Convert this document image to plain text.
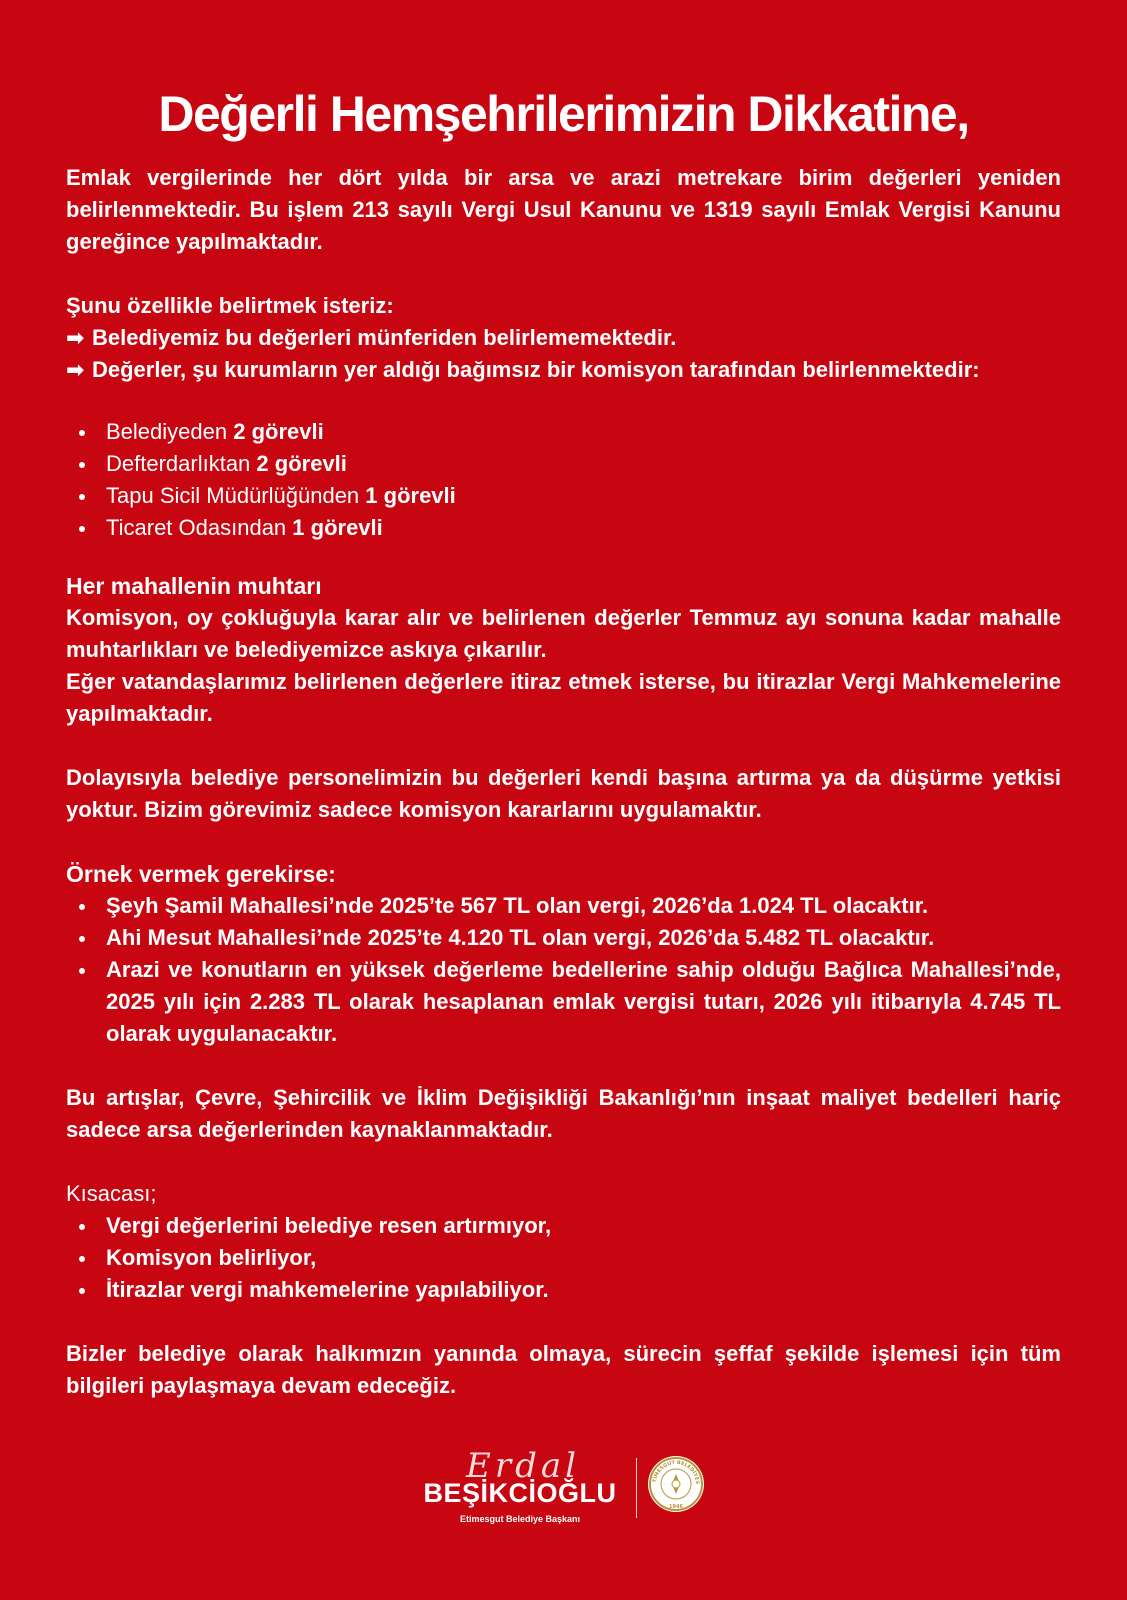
Değerli Hemşehrilerimizin Dikkatine,

Emlak vergilerinde her dört yılda bir arsa ve arazi metrekare birim değerleri yeniden belirlenmektedir. Bu işlem 213 sayılı Vergi Usul Kanunu ve 1319 sayılı Emlak Vergisi Kanunu gereğince yapılmaktadır.

Şunu özellikle belirtmek isteriz:

➡ Belediyemiz bu değerleri münferiden belirlememektedir.
➡ Değerler, şu kurumların yer aldığı bağımsız bir komisyon tarafından belirlenmektedir:
Belediyeden 2 görevli
Defterdarlıktan 2 görevli
Tapu Sicil Müdürlüğünden 1 görevli
Ticaret Odasından 1 görevli

Her mahallenin muhtarı

Komisyon, oy çokluğuyla karar alır ve belirlenen değerler Temmuz ayı sonuna kadar mahalle muhtarlıkları ve belediyemizce askıya çıkarılır.

Eğer vatandaşlarımız belirlenen değerlere itiraz etmek isterse, bu itirazlar Vergi Mahkemelerine yapılmaktadır.

Dolayısıyla belediye personelimizin bu değerleri kendi başına artırma ya da düşürme yetkisi yoktur. Bizim görevimiz sadece komisyon kararlarını uygulamaktır.

Örnek vermek gerekirse:

Şeyh Şamil Mahallesi’nde 2025’te 567 TL olan vergi, 2026’da 1.024 TL olacaktır.
Ahi Mesut Mahallesi’nde 2025’te 4.120 TL olan vergi, 2026’da 5.482 TL olacaktır.
Arazi ve konutların en yüksek değerleme bedellerine sahip olduğu Bağlıca Mahallesi’nde, 2025 yılı için 2.283 TL olarak hesaplanan emlak vergisi tutarı, 2026 yılı itibarıyla 4.745 TL olarak uygulanacaktır.

Bu artışlar, Çevre, Şehircilik ve İklim Değişikliği Bakanlığı’nın inşaat maliyet bedelleri hariç sadece arsa değerlerinden kaynaklanmaktadır.

Kısacası;

Vergi değerlerini belediye resen artırmıyor,
Komisyon belirliyor,
İtirazlar vergi mahkemelerine yapılabiliyor.

Bizler belediye olarak halkımızın yanında olmaya, sürecin şeffaf şekilde işlemesi için tüm bilgileri paylaşmaya devam edeceğiz.

Erdal
BEŞİKCİOĞLU
Etimesgut Belediye Başkanı
TİMESGUT BELEDİYES
1946
